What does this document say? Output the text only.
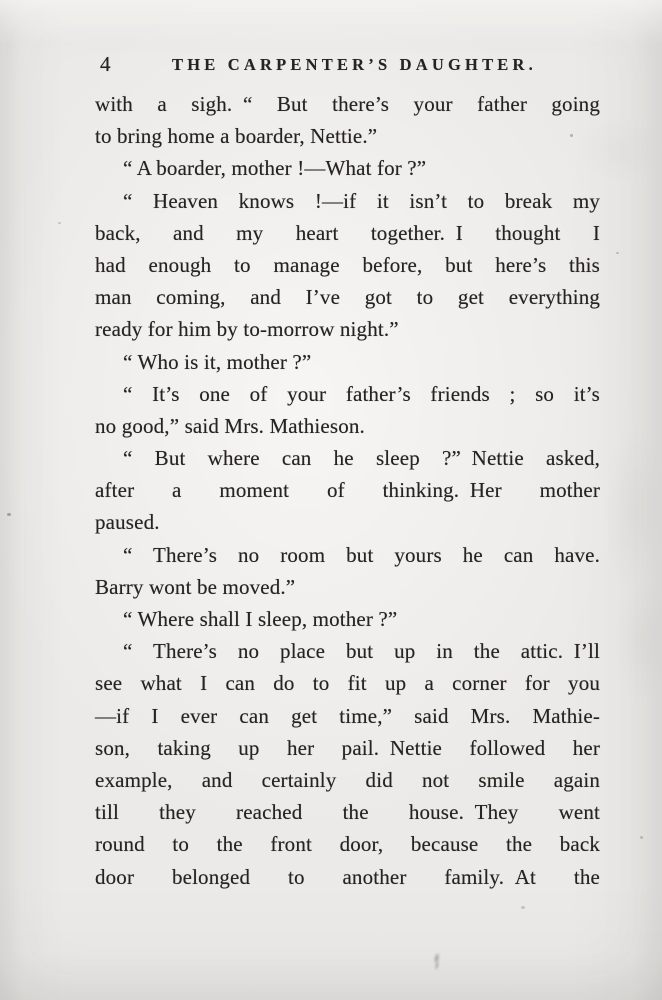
4	THE CARPENTER’S DAUGHTER.
with a sigh. “ But there’s your father going
to bring home a boarder, Nettie.”
“ A boarder, mother !—What for ?”
“ Heaven knows !—if it isn’t to break my
back, and my heart together. I thought I
had enough to manage before, but here’s this
man coming, and I’ve got to get everything
ready for him by to-morrow night.”
“ Who is it, mother ?”
“ It’s one of your father’s friends ; so it’s
no good,” said Mrs. Mathieson.
“ But where can he sleep ?” Nettie asked,
after a moment of thinking. Her mother
paused.
“ There’s no room but yours he can have.
Barry wont be moved.”
“ Where shall I sleep, mother ?”
“ There’s no place but up in the attic. I’ll
see what I can do to fit up a corner for you
—if I ever can get time,” said Mrs. Mathie-
son, taking up her pail. Nettie followed her
example, and certainly did not smile again
till they reached the house. They went
round to the front door, because the back
door belonged to another family. At the
